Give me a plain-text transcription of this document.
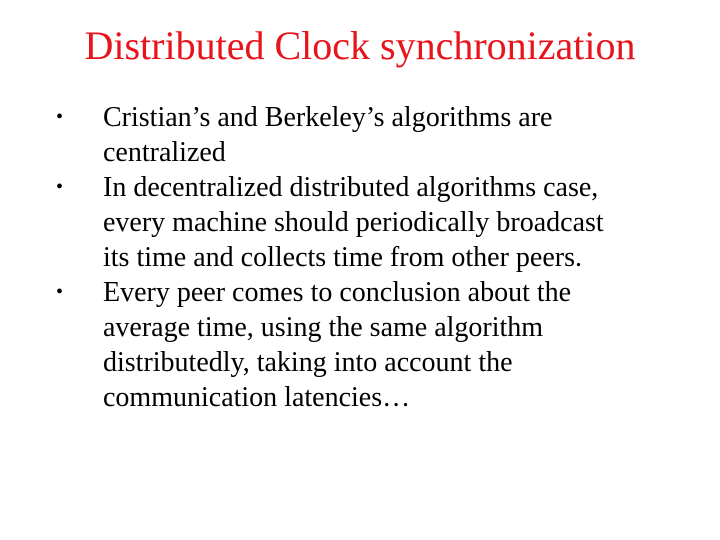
Distributed Clock synchronization
•	Cristian’s and Berkeley’s algorithms are
centralized
•	In decentralized distributed algorithms case,
every machine should periodically broadcast
its time and collects time from other peers.
•	Every peer comes to conclusion about the
average time, using the same algorithm
distributedly, taking into account the
communication latencies…
